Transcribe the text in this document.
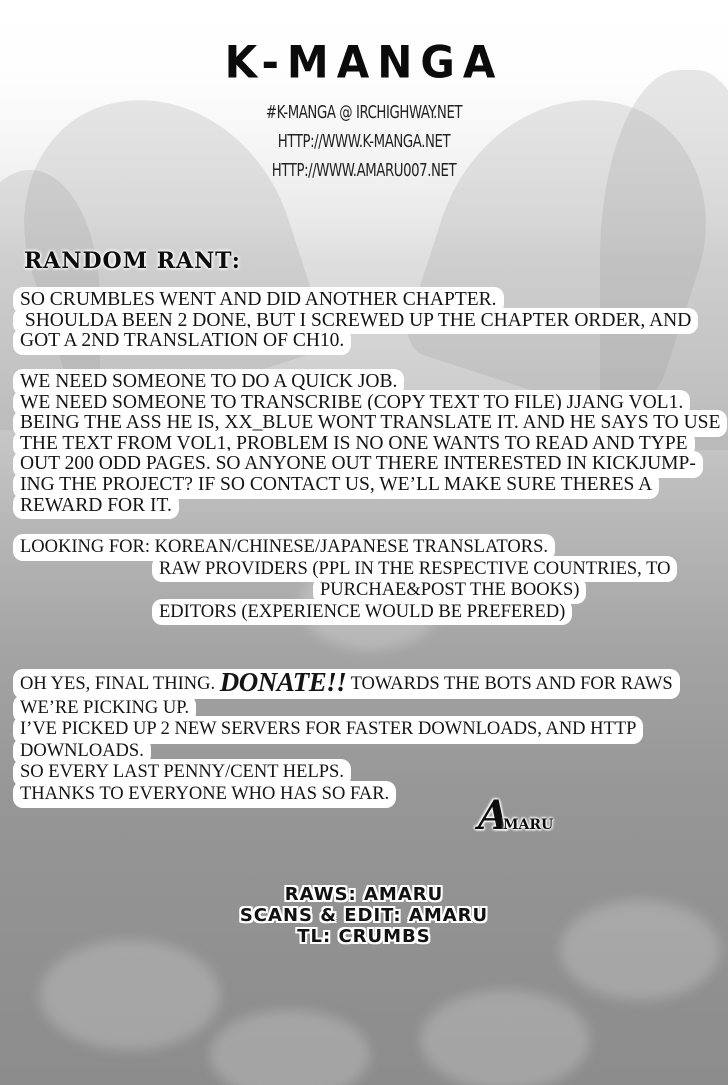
K-MANGA
#K-MANGA @ IRCHIGHWAY.NET
HTTP://WWW.K-MANGA.NET
HTTP://WWW.AMARU007.NET
RANDOM RANT:
SO CRUMBLES WENT AND DID ANOTHER CHAPTER.
SHOULDA BEEN 2 DONE, BUT I SCREWED UP THE CHAPTER ORDER, AND
GOT A 2ND TRANSLATION OF CH10.
WE NEED SOMEONE TO DO A QUICK JOB.
WE NEED SOMEONE TO TRANSCRIBE (COPY TEXT TO FILE) JJANG VOL1.
BEING THE ASS HE IS, XX_BLUE WONT TRANSLATE IT. AND HE SAYS TO USE
THE TEXT FROM VOL1, PROBLEM IS NO ONE WANTS TO READ AND TYPE
OUT 200 ODD PAGES. SO ANYONE OUT THERE INTERESTED IN KICKJUMP-
ING THE PROJECT? IF SO CONTACT US, WE’LL MAKE SURE THERES A
REWARD FOR IT.
LOOKING FOR: KOREAN/CHINESE/JAPANESE TRANSLATORS.
RAW PROVIDERS (PPL IN THE RESPECTIVE COUNTRIES, TO
PURCHAE&POST THE BOOKS)
EDITORS (EXPERIENCE WOULD BE PREFERED)
OH YES, FINAL THING. DONATE!! TOWARDS THE BOTS AND FOR RAWS
WE’RE PICKING UP.
I’VE PICKED UP 2 NEW SERVERS FOR FASTER DOWNLOADS, AND HTTP
DOWNLOADS.
SO EVERY LAST PENNY/CENT HELPS.
THANKS TO EVERYONE WHO HAS SO FAR.	AMARU
RAWS: AMARU
SCANS & EDIT: AMARU
TL: CRUMBS
